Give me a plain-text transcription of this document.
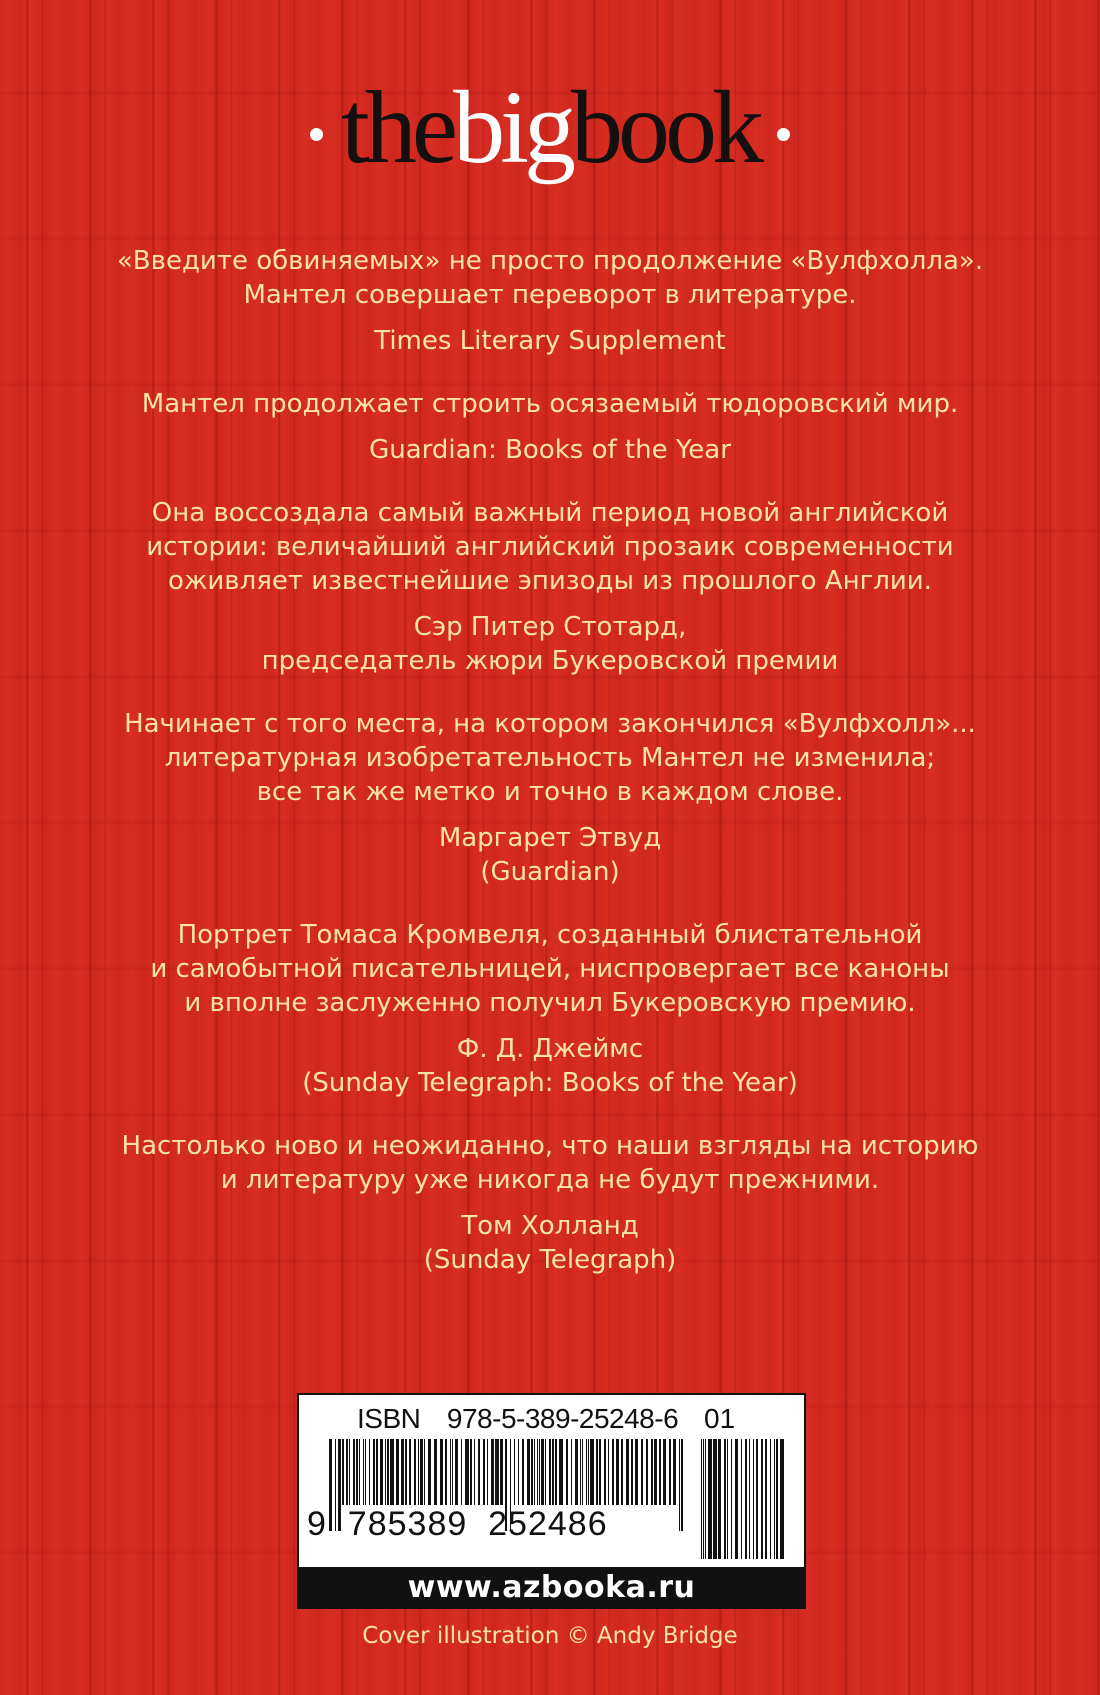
thebigbook
«Введите обвиняемых» не просто продолжение «Вулфхолла».
Мантел совершает переворот в литературе.
Times Literary Supplement
Мантел продолжает строить осязаемый тюдоровский мир.
Guardian: Books of the Year
Она воссоздала самый важный период новой английской
истории: величайший английский прозаик современности
оживляет известнейшие эпизоды из прошлого Англии.
Сэр Питер Стотард,
председатель жюри Букеровской премии
Начинает с того места, на котором закончился «Вулфхолл»...
литературная изобретательность Мантел не изменила;
все так же метко и точно в каждом слове.
Маргарет Этвуд
(Guardian)
Портрет Томаса Кромвеля, созданный блистательной
и самобытной писательницей, ниспровергает все каноны
и вполне заслуженно получил Букеровскую премию.
Ф. Д. Джеймс
(Sunday Telegraph: Books of the Year)
Настолько ново и неожиданно, что наши взгляды на историю
и литературу уже никогда не будут прежними.
Том Холланд
(Sunday Telegraph)
ISBN  978-5-389-25248-6 01
9  785389  252486
www.azbooka.ru
Cover illustration © Andy Bridge
